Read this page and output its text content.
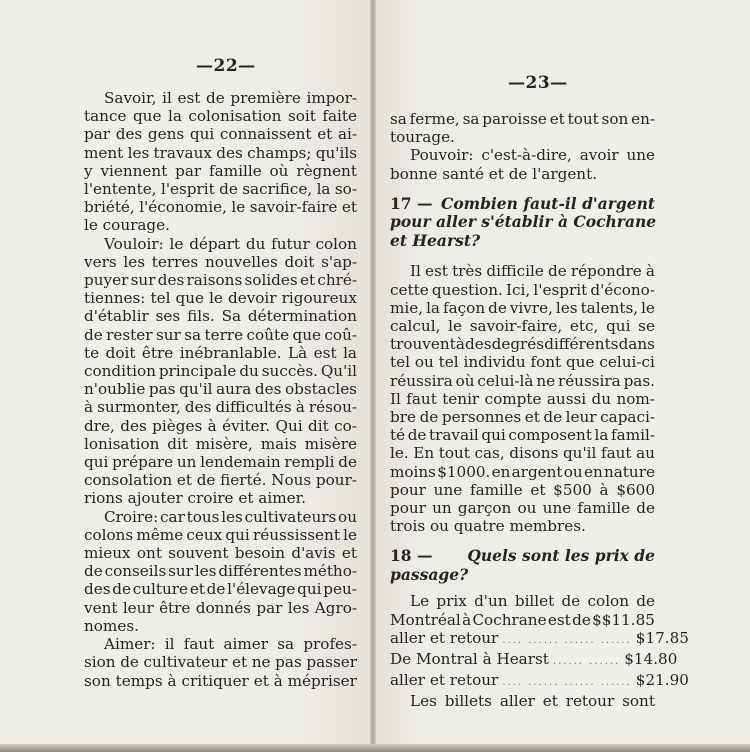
—22—
Savoir, il est de première impor-
tance que la colonisation soit faite
par des gens qui connaissent et ai-
ment les travaux des champs; qu'ils
y viennent par famille où règnent
l'entente, l'esprit de sacrifice, la so-
briété, l'économie, le savoir-faire et
le courage.
Vouloir: le départ du futur colon
vers les terres nouvelles doit s'ap-
puyer sur des raisons solides et chré-
tiennes: tel que le devoir rigoureux
d'établir ses fils. Sa détermination
de rester sur sa terre coûte que coû-
te doit être inébranlable. Là est la
condition principale du succès. Qu'il
n'oublie pas qu'il aura des obstacles
à surmonter, des difficultés à résou-
dre, des pièges à éviter. Qui dit co-
lonisation dit misère, mais misère
qui prépare un lendemain rempli de
consolation et de fierté. Nous pour-
rions ajouter croire et aimer.
Croire: car tous les cultivateurs ou
colons même ceux qui réussissent le
mieux ont souvent besoin d'avis et
de conseils sur les différentes métho-
des de culture et de l'élevage qui peu-
vent leur être donnés par les Agro-
nomes.
Aimer: il faut aimer sa profes-
sion de cultivateur et ne pas passer
son temps à critiquer et à mépriser
—23—
sa ferme, sa paroisse et tout son en-
tourage.
Pouvoir: c'est-à-dire, avoir une
bonne santé et de l'argent.
17 — Combien faut-il d'argent
pour aller s'établir à Cochrane
et Hearst?
Il est très difficile de répondre à
cette question. Ici, l'esprit d'écono-
mie, la façon de vivre, les talents, le
calcul, le savoir-faire, etc, qui se
trouvent à des degrés différents dans
tel ou tel individu font que celui-ci
réussira où celui-là ne réussira pas.
Il faut tenir compte aussi du nom-
bre de personnes et de leur capaci-
té de travail qui composent la famil-
le. En tout cas, disons qu'il faut au
moins $1000. en argent ou en nature
pour une famille et $500 à $600
pour un garçon ou une famille de
trois ou quatre membres.
18 — Quels sont les prix de
passage?
Le prix d'un billet de colon de
Montréal à Cochrane est de $$11.85
aller et retour .... ...... ...... ...... $17.85
De Montral à Hearst ...... ...... $14.80
aller et retour .... ...... ...... ...... $21.90
Les billets aller et retour sont
